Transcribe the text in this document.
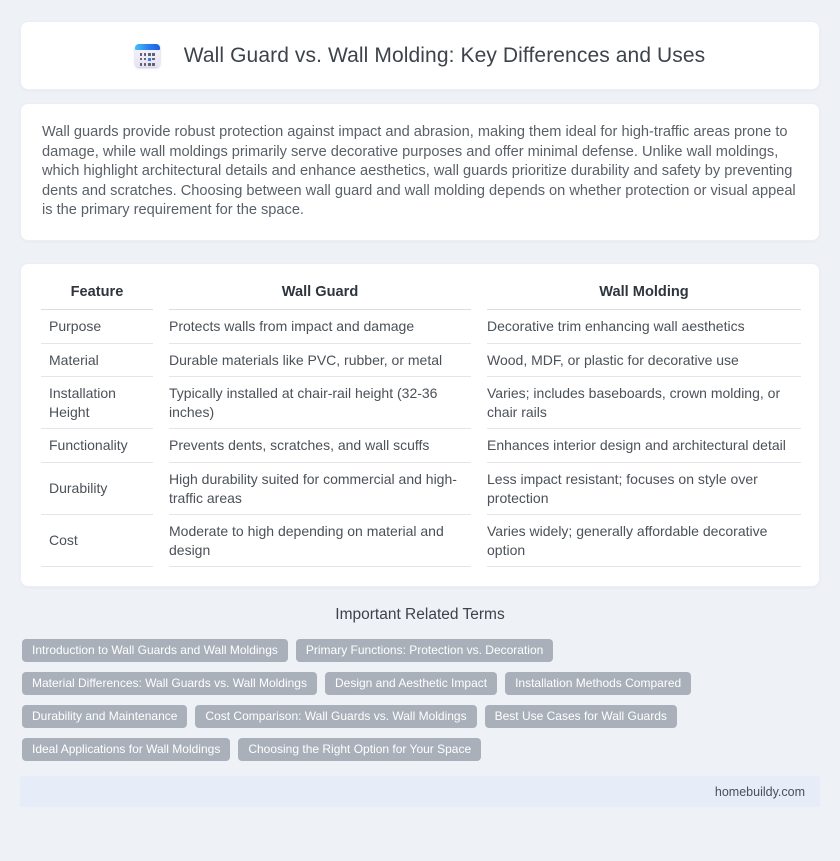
Wall Guard vs. Wall Molding: Key Differences and Uses

Wall guards provide robust protection against impact and abrasion, making them ideal for high-traffic areas prone to damage, while wall moldings primarily serve decorative purposes and offer minimal defense. Unlike wall moldings, which highlight architectural details and enhance aesthetics, wall guards prioritize durability and safety by preventing dents and scratches. Choosing between wall guard and wall molding depends on whether protection or visual appeal is the primary requirement for the space.

Feature	Wall Guard	Wall Molding
Purpose	Protects walls from impact and damage	Decorative trim enhancing wall aesthetics
Material	Durable materials like PVC, rubber, or metal	Wood, MDF, or plastic for decorative use
Installation Height	Typically installed at chair-rail height (32-36 inches)	Varies; includes baseboards, crown molding, or chair rails
Functionality	Prevents dents, scratches, and wall scuffs	Enhances interior design and architectural detail
Durability	High durability suited for commercial and high-traffic areas	Less impact resistant; focuses on style over protection
Cost	Moderate to high depending on material and design	Varies widely; generally affordable decorative option
Important Related Terms
Introduction to Wall Guards and Wall Moldings	Primary Functions: Protection vs. Decoration
Material Differences: Wall Guards vs. Wall Moldings	Design and Aesthetic Impact	Installation Methods Compared
Durability and Maintenance	Cost Comparison: Wall Guards vs. Wall Moldings	Best Use Cases for Wall Guards
Ideal Applications for Wall Moldings	Choosing the Right Option for Your Space
homebuildy.com
